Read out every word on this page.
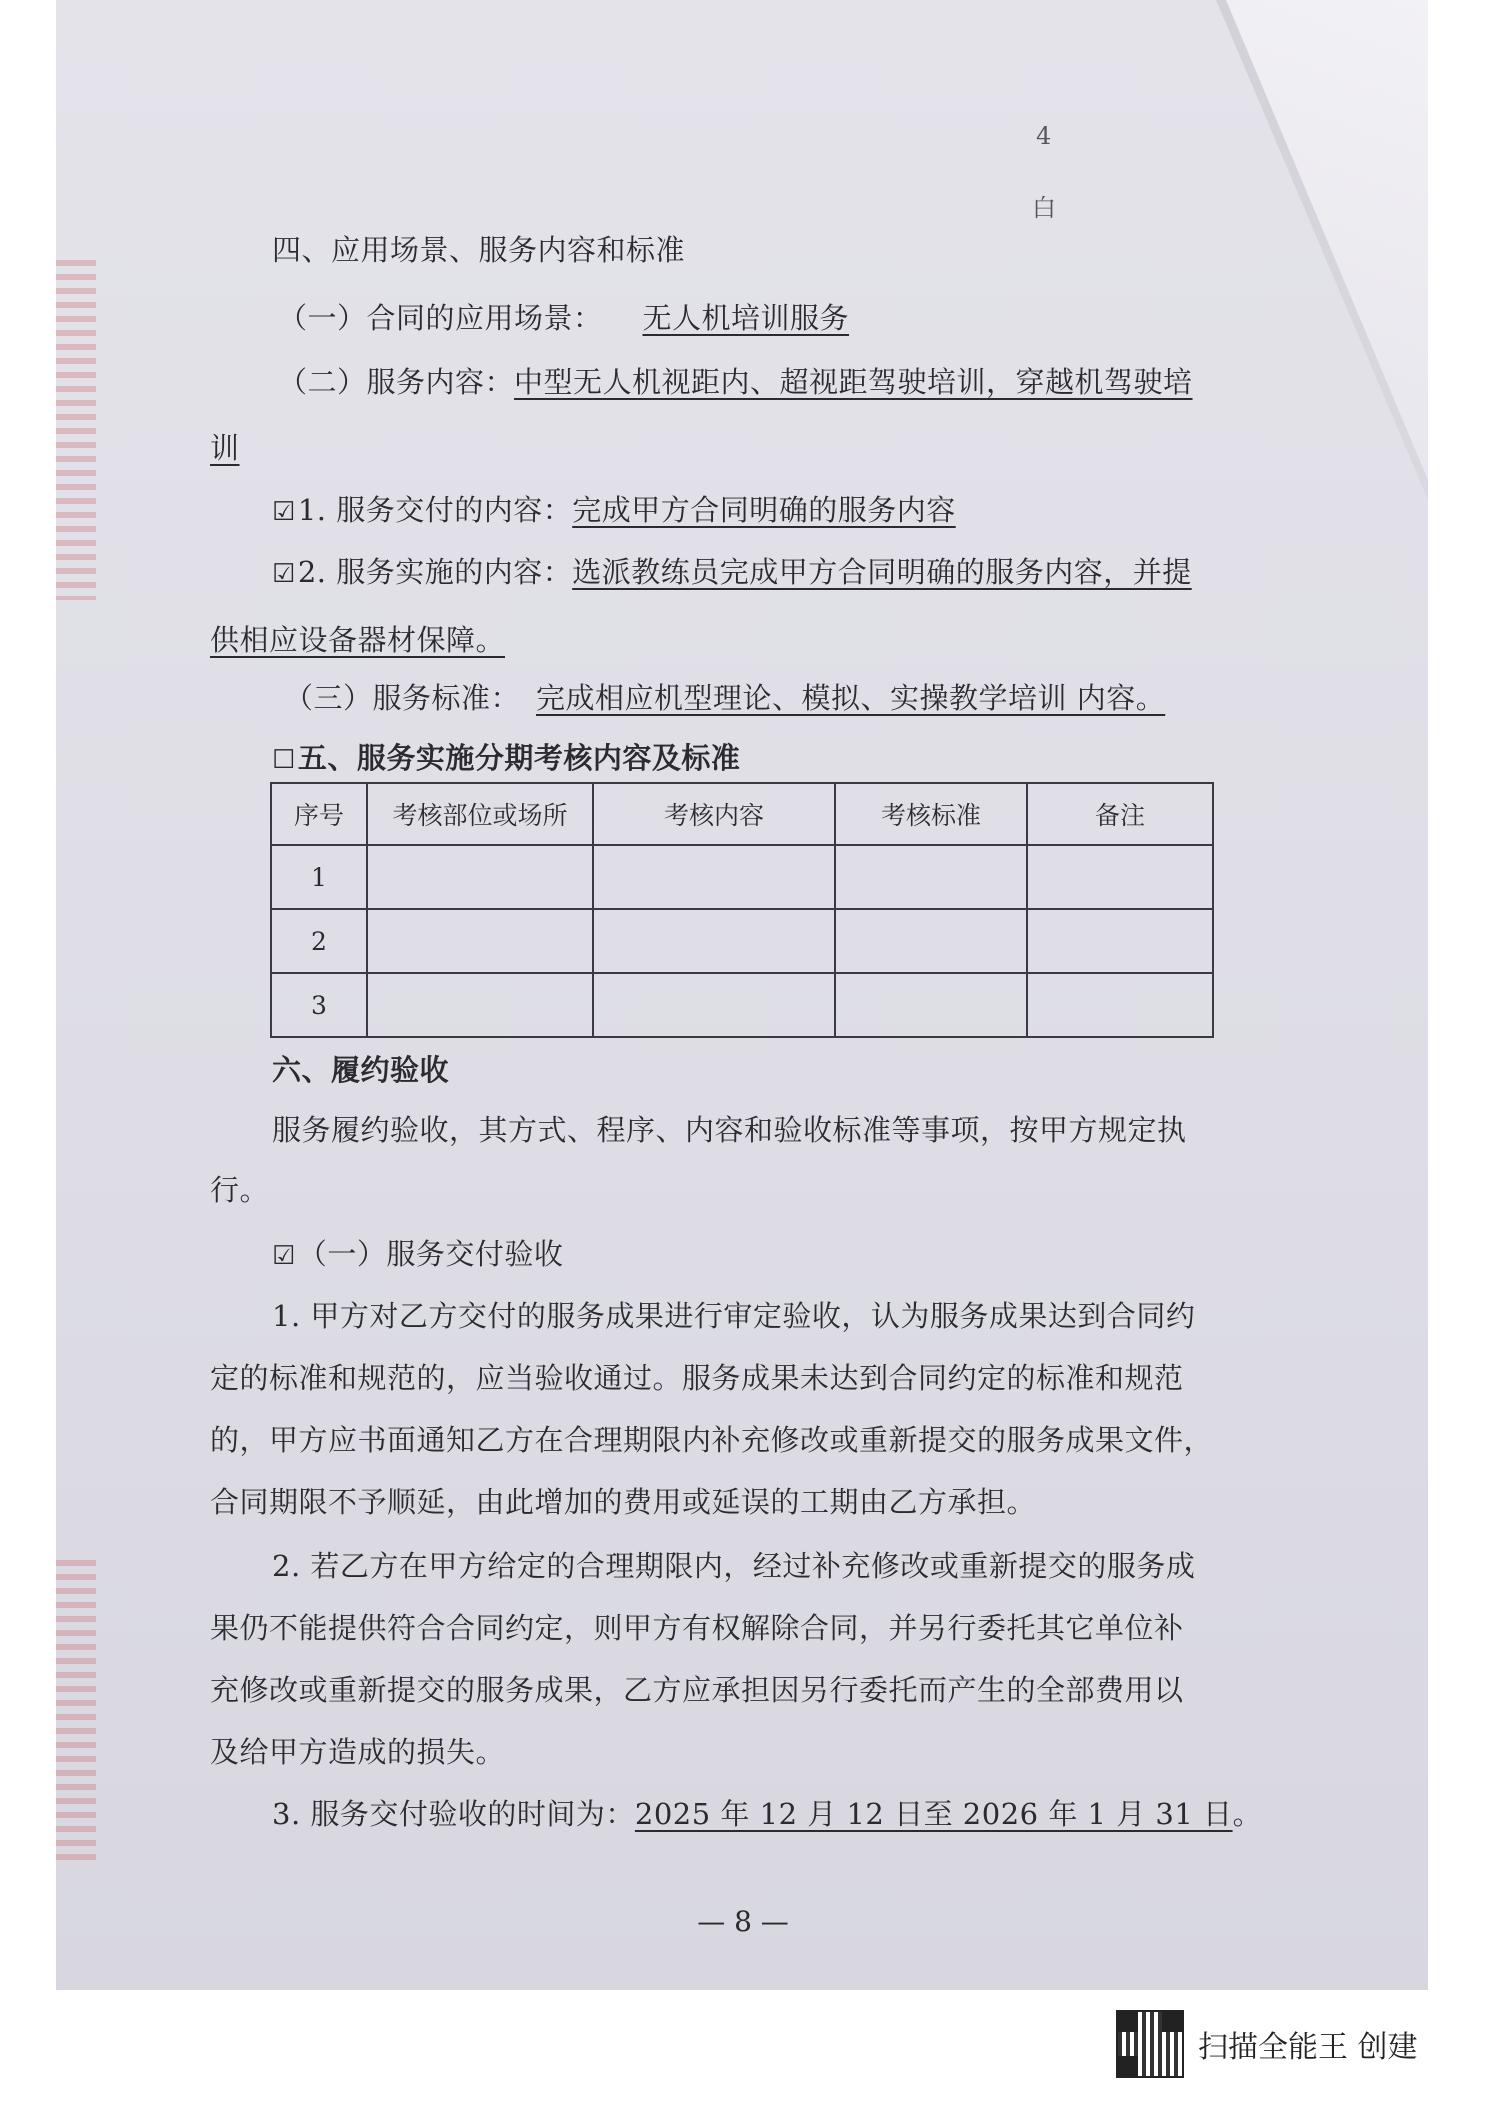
4
白
四、应用场景、服务内容和标准
（一）合同的应用场景： 无人机培训服务
（二）服务内容：中型无人机视距内、超视距驾驶培训，穿越机驾驶培
训
☑1. 服务交付的内容：完成甲方合同明确的服务内容
☑2. 服务实施的内容：选派教练员完成甲方合同明确的服务内容，并提
供相应设备器材保障。
（三）服务标准： 完成相应机型理论、模拟、实操教学培训 内容。
☐五、服务实施分期考核内容及标准
序号	考核部位或场所	考核内容	考核标准	备注
1				
2				
3				
六、履约验收
服务履约验收，其方式、程序、内容和验收标准等事项，按甲方规定执
行。
☑（一）服务交付验收
1. 甲方对乙方交付的服务成果进行审定验收，认为服务成果达到合同约
定的标准和规范的，应当验收通过。服务成果未达到合同约定的标准和规范
的，甲方应书面通知乙方在合理期限内补充修改或重新提交的服务成果文件，
合同期限不予顺延，由此增加的费用或延误的工期由乙方承担。
2. 若乙方在甲方给定的合理期限内，经过补充修改或重新提交的服务成
果仍不能提供符合合同约定，则甲方有权解除合同，并另行委托其它单位补
充修改或重新提交的服务成果，乙方应承担因另行委托而产生的全部费用以
及给甲方造成的损失。
3. 服务交付验收的时间为：2025 年 12 月 12 日至 2026 年 1 月 31 日。
— 8 —
扫描全能王 创建
